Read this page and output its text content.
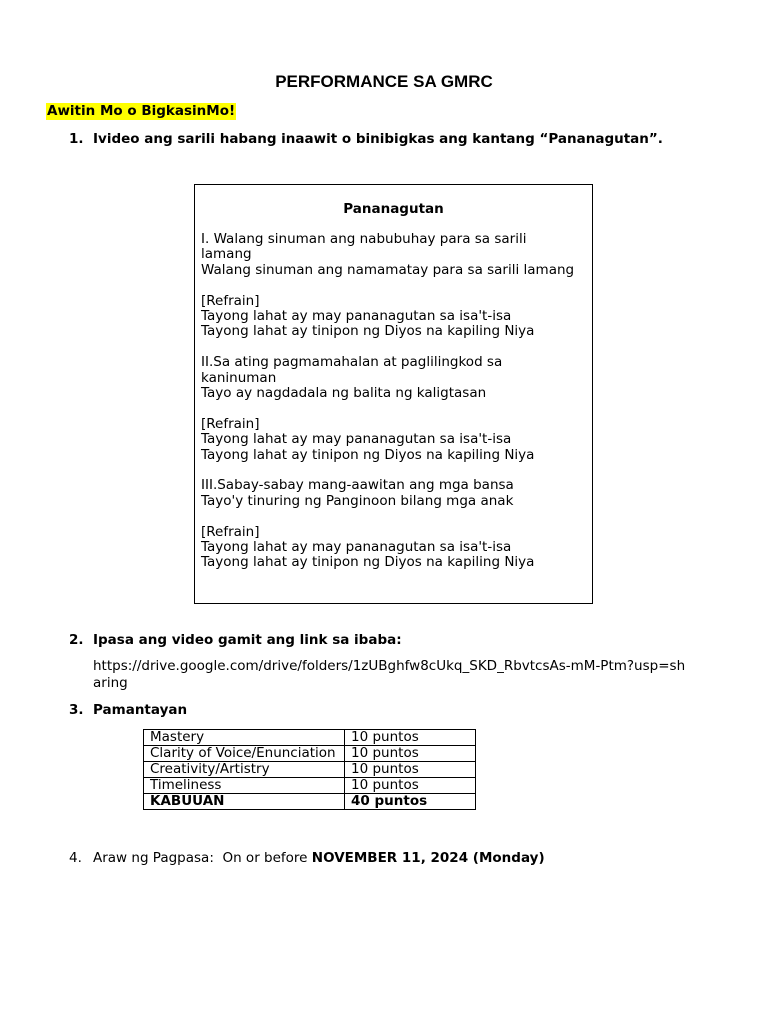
PERFORMANCE SA GMRC
Awitin Mo o BigkasinMo!
1. Ivideo ang sarili habang inaawit o binibigkas ang kantang “Pananagutan”.
Pananagutan
I. Walang sinuman ang nabubuhay para sa sarili lamang
Walang sinuman ang namamatay para sa sarili lamang
[Refrain]
Tayong lahat ay may pananagutan sa isa't-isa
Tayong lahat ay tinipon ng Diyos na kapiling Niya
II.Sa ating pagmamahalan at paglilingkod sa kaninuman
Tayo ay nagdadala ng balita ng kaligtasan
[Refrain]
Tayong lahat ay may pananagutan sa isa't-isa
Tayong lahat ay tinipon ng Diyos na kapiling Niya
III.Sabay-sabay mang-aawitan ang mga bansa
Tayo'y tinuring ng Panginoon bilang mga anak
[Refrain]
Tayong lahat ay may pananagutan sa isa't-isa
Tayong lahat ay tinipon ng Diyos na kapiling Niya
2. Ipasa ang video gamit ang link sa ibaba:
https://drive.google.com/drive/folders/1zUBghfw8cUkq_SKD_RbvtcsAs-mM-Ptm?usp=sharing
3. Pamantayan
Mastery	10 puntos
Clarity of Voice/Enunciation	10 puntos
Creativity/Artistry	10 puntos
Timeliness	10 puntos
KABUUAN	40 puntos
4. Araw ng Pagpasa:  On or before NOVEMBER 11, 2024 (Monday)
